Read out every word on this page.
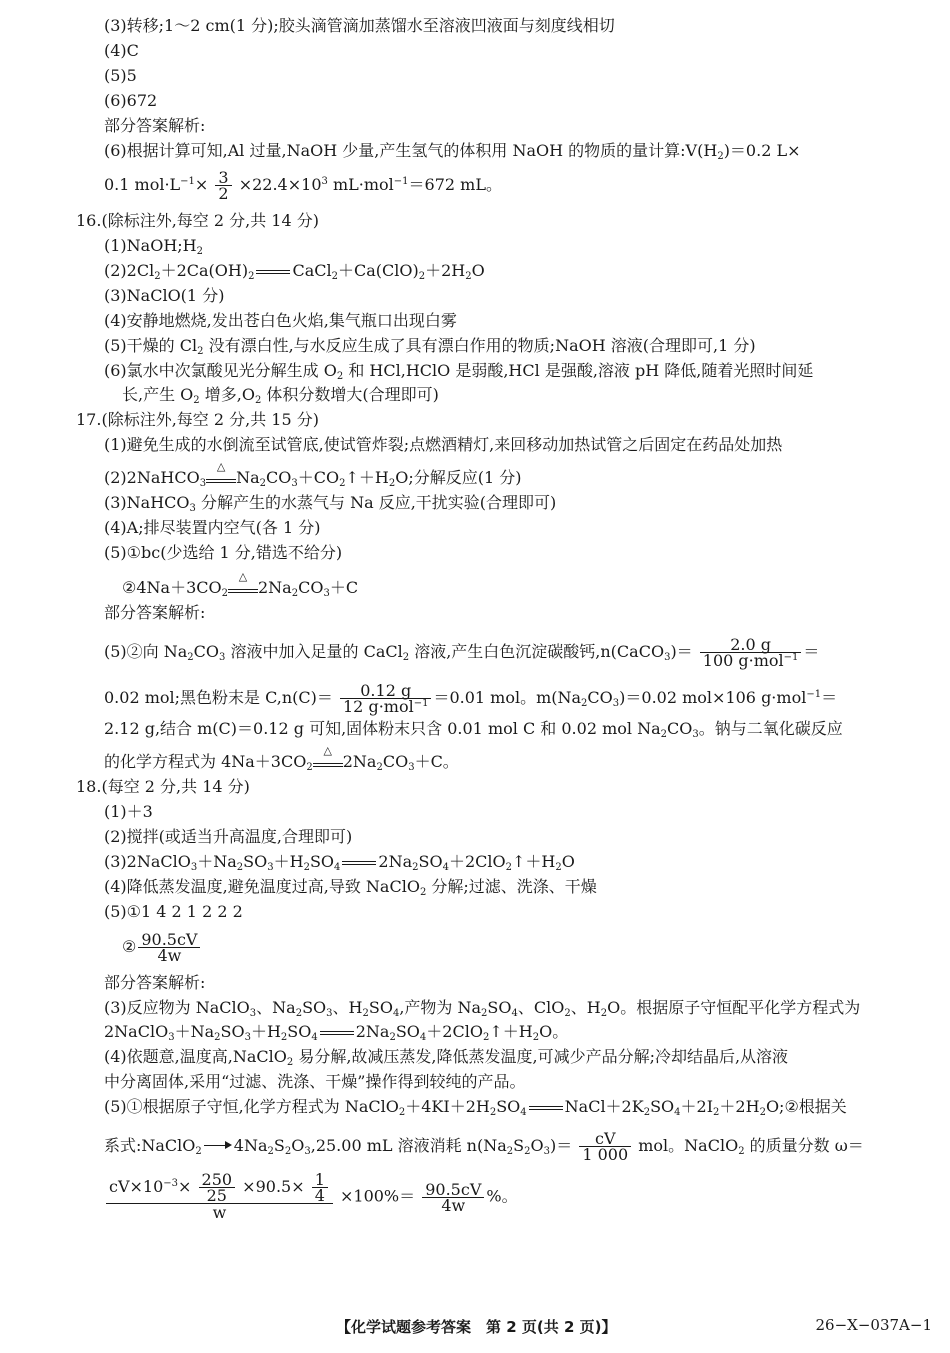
(3)转移;1～2 cm(1 分);胶头滴管滴加蒸馏水至溶液凹液面与刻度线相切
(4)C
(5)5
(6)672
部分答案解析:
(6)根据计算可知,Al 过量,NaOH 少量,产生氢气的体积用 NaOH 的物质的量计算$:V(H_2)=0.2$ L×
0.1 $mol\cdot L^{-1}\times \frac{3}{2} \times 22.4\times 10^3$ mL·mol$^{-1}$＝672 mL。
16.(除标注外,每空 2 分,共 14 分)
$(1)NaOH;H_2$
$(2)2Cl_2+2Ca(OH)_2$ $CaCl_2+Ca(ClO)_2+2H_2O$
(3)NaClO(1 分)
(4)安静地燃烧,发出苍白色火焰,集气瓶口出现白雾
(5)干燥的 $Cl_2$ 没有漂白性,与水反应生成了具有漂白作用的物质;NaOH 溶液(合理即可,1 分)
(6)氯水中次氯酸见光分解生成 $O_2$ 和 HCl,HClO 是弱酸,HCl 是强酸,溶液 pH 降低,随着光照时间延
长,产生 $O_2$ 增多$,O_2$ 体积分数增大(合理即可)
17.(除标注外,每空 2 分,共 15 分)
(1)避免生成的水倒流至试管底,使试管炸裂;点燃酒精灯,来回移动加热试管之后固定在药品处加热
(2)2NaHCO$_3$
△
$Na_2CO_3+CO_2↑+H_2O$;分解反应(1 分)
(3)NaHCO$_3$ 分解产生的水蒸气与 Na 反应,干扰实验(合理即可)
(4)A;排尽装置内空气(各 1 分)
(5)①bc(少选给 1 分,错选不给分)
$②4Na+3CO_2$
△
$2Na_2CO_3+C$
部分答案解析:
(5)②向 $Na_2CO_3$ 溶液中加入足量的 CaCl$_2$ 溶液,产生白色沉淀碳酸钙,n(CaCO$_3$)＝ $\frac{2.0 g}{100 g\cdot mol^{-1}}$ ＝
0.02 mol;黑色粉末是 $C,n(C)= \frac{0.12 g}{12 g\cdot mol^{-1}} =0.01$ mol。$m(Na_2CO_3)=0.02$ mol×106 g·mol$^{-1}$＝
2.12 g,结合 m(C)＝0.12 g 可知,固体粉末只含 0.01 mol C 和 0.02 mol $Na_2CO_3$。钠与二氧化碳反应
的化学方程式为 $4Na+3CO_2$
△
$2Na_2CO_3+C$。
18.(每空 2 分,共 14 分)
(1)＋3
(2)搅拌(或适当升高温度,合理即可)
$(3)2NaClO_3+Na_2SO_3+H_2SO_4$ $2Na_2SO_4+2ClO_2↑+H_2O$
(4)降低蒸发温度,避免温度过高,导致 NaClO$_2$ 分解;过滤、洗涤、干燥
(5)①1 4 2 1 2 2 2
② $\frac{90.5cV}{4w}$
部分答案解析:
(3)反应物为 NaClO$_3$、$Na_2SO_3$、$H_2SO_4$,产物为 $Na_2SO_4$、ClO$_2$、$H_2O$。根据原子守恒配平化学方程式为
$2NaClO_3+Na_2SO_3+H_2SO_4$ $2Na_2SO_4+2ClO_2↑+H_2O$。
(4)依题意,温度高,NaClO$_2$ 易分解,故减压蒸发,降低蒸发温度,可减少产品分解;冷却结晶后,从溶液
中分离固体,采用“过滤、洗涤、干燥”操作得到较纯的产品。
(5)①根据原子守恒,化学方程式为 $NaClO_2+4KI+2H_2SO_4$ $NaCl+2K_2SO_4+2I_2+2H_2O;②$根据关
系式:NaClO$_2$ $4Na_2S_2O_3,25.00$ mL 溶液消耗 $n(Na_2S_2O_3)= \frac{cV}{1 000}$ mol。NaClO$_2$ 的质量分数 ω＝
$\frac{cV\times 10^{-3}\times \frac{250}{25} \times 90.5\times \frac{1}{4}}{w} \times 100\%= \frac{90.5cV}{4w}$ %。
【化学试题参考答案　第 2 页(共 2 页)】	26−X−037A−1
